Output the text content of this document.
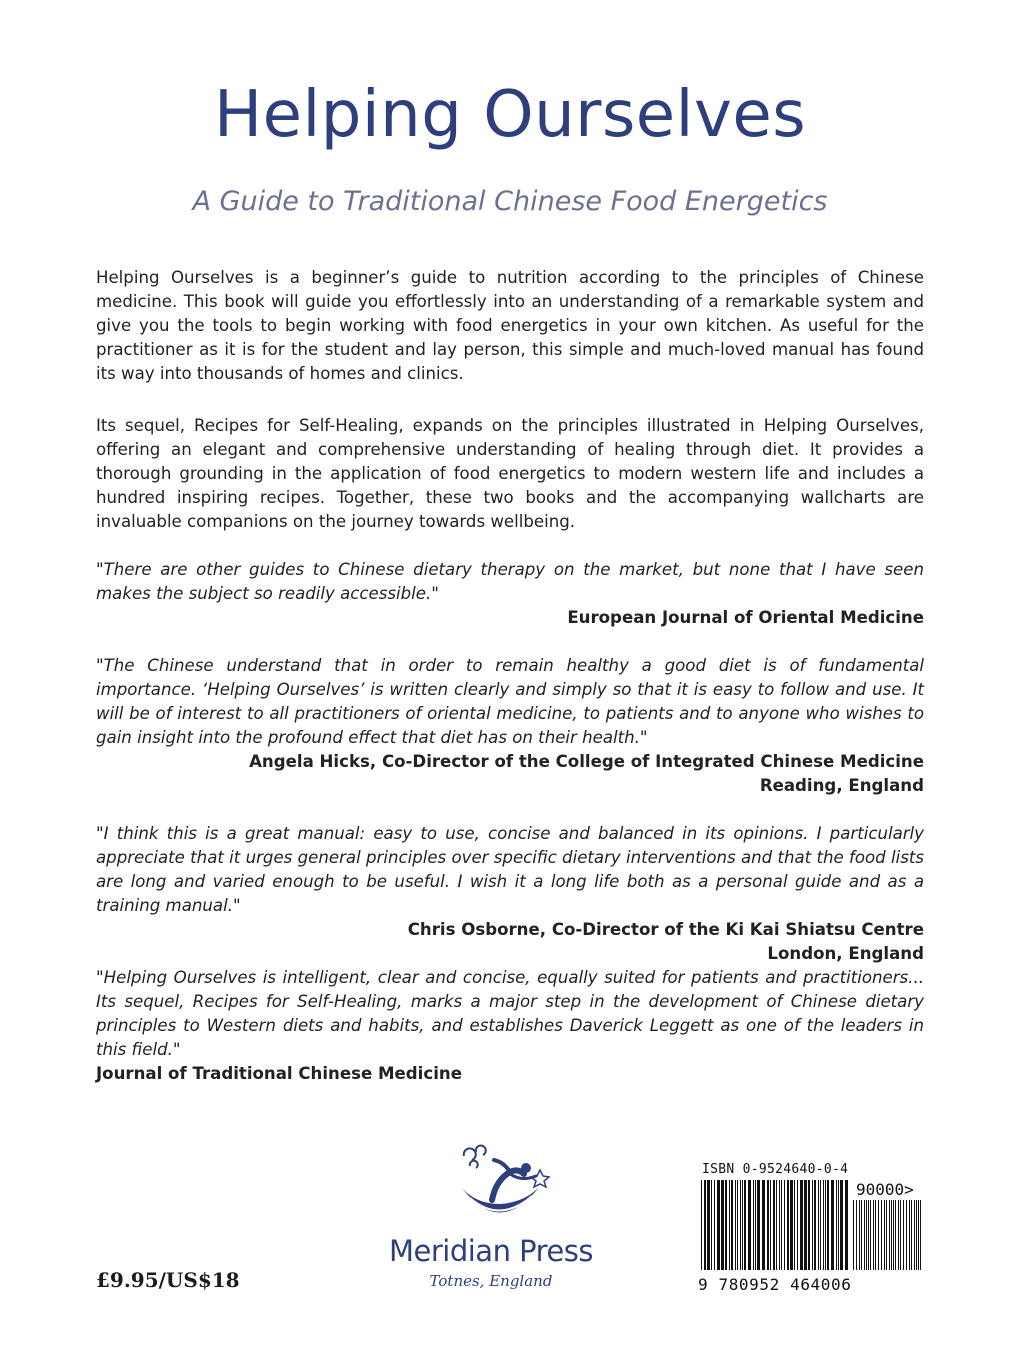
Helping Ourselves
A Guide to Traditional Chinese Food Energetics

Helping Ourselves is a beginner’s guide to nutrition according to the principles of Chinese medicine. This book will guide you effortlessly into an understanding of a remarkable system and give you the tools to begin working with food energetics in your own kitchen. As useful for the practitioner as it is for the student and lay person, this simple and much-loved manual has found its way into thousands of homes and clinics.

Its sequel, Recipes for Self-Healing, expands on the principles illustrated in Helping Ourselves, offering an elegant and comprehensive understanding of healing through diet. It provides a thorough grounding in the application of food energetics to modern western life and includes a hundred inspiring recipes. Together, these two books and the accompanying wallcharts are invaluable companions on the journey towards wellbeing.

"There are other guides to Chinese dietary therapy on the market, but none that I have seen makes the subject so readily accessible."

European Journal of Oriental Medicine

"The Chinese understand that in order to remain healthy a good diet is of fundamental importance. ‘Helping Ourselves’ is written clearly and simply so that it is easy to follow and use. It will be of interest to all practitioners of oriental medicine, to patients and to anyone who wishes to gain insight into the profound effect that diet has on their health."

Angela Hicks, Co-Director of the College of Integrated Chinese Medicine

Reading, England

"I think this is a great manual: easy to use, concise and balanced in its opinions. I particularly appreciate that it urges general principles over specific dietary interventions and that the food lists are long and varied enough to be useful. I wish it a long life both as a personal guide and as a training manual."

Chris Osborne, Co-Director of the Ki Kai Shiatsu Centre

London, England

"Helping Ourselves is intelligent, clear and concise, equally suited for patients and practitioners... Its sequel, Recipes for Self-Healing, marks a major step in the development of Chinese dietary principles to Western diets and habits, and establishes Daverick Leggett as one of the leaders in this field."

Journal of Traditional Chinese Medicine

Meridian Press
Totnes, England
£9.95/US$18
ISBN 0-9524640-0-4
90000>
9 780952 464006
